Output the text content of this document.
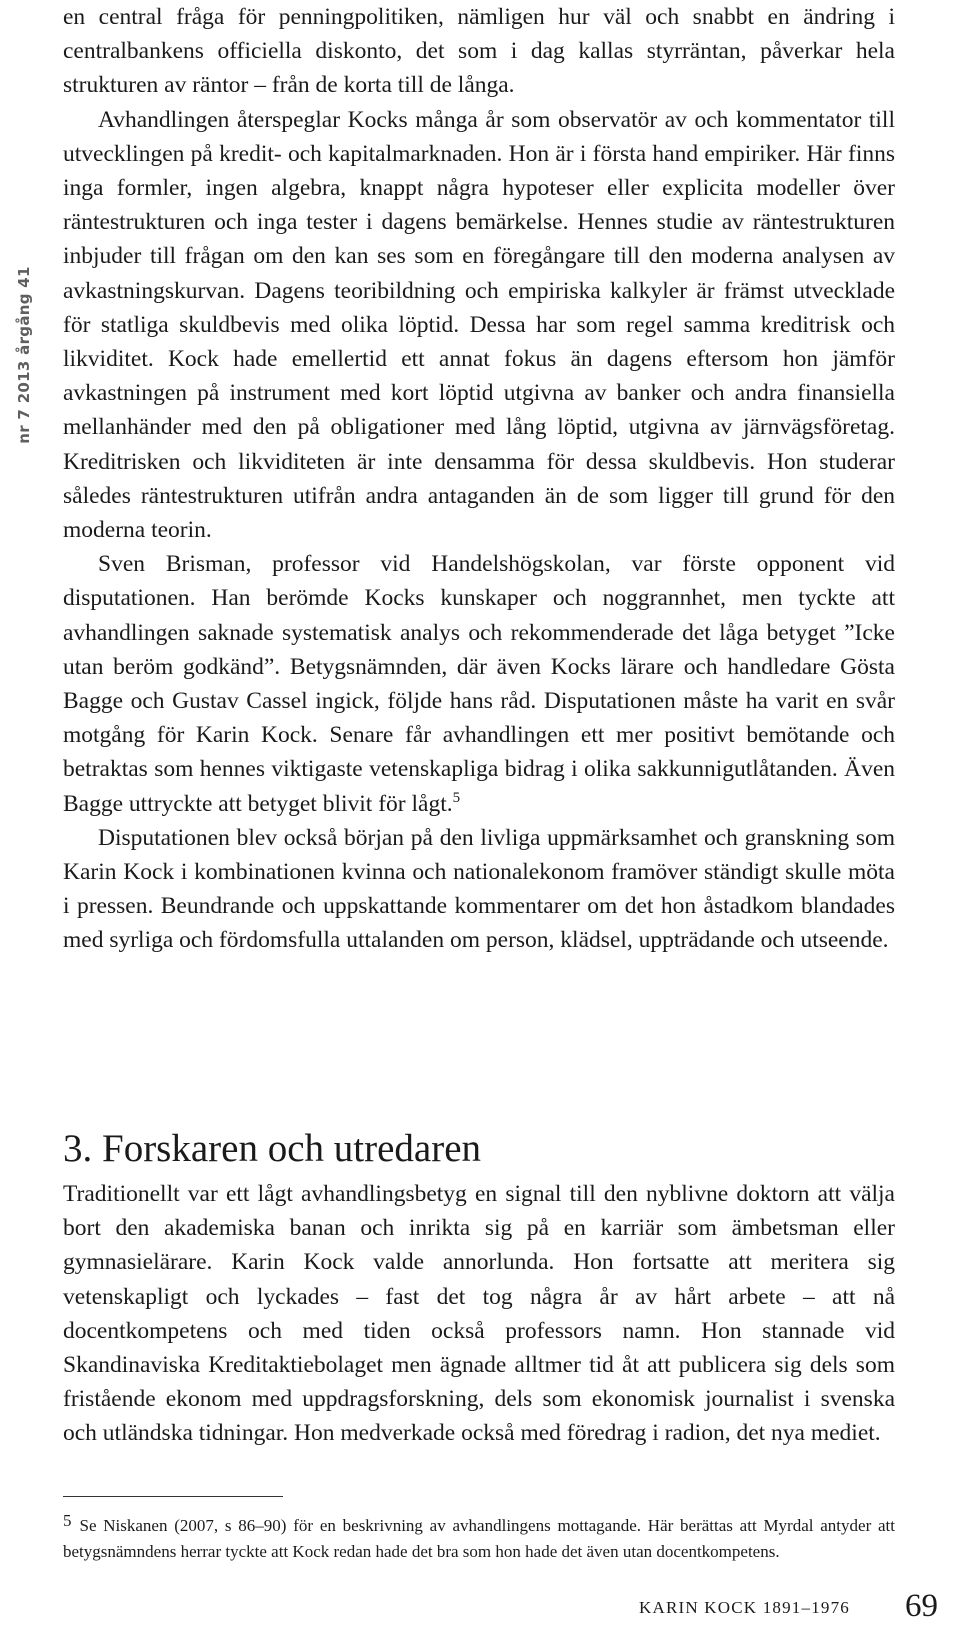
nr 7 2013 årgång 41

en central fråga för penningpolitiken, nämligen hur väl och snabbt en ändring i centralbankens officiella diskonto, det som i dag kallas styrräntan, påverkar hela strukturen av räntor – från de korta till de långa.

Avhandlingen återspeglar Kocks många år som observatör av och kommentator till utvecklingen på kredit- och kapitalmarknaden. Hon är i första hand empiriker. Här finns inga formler, ingen algebra, knappt några hypoteser eller explicita modeller över räntestrukturen och inga tester i dagens bemärkelse. Hennes studie av räntestrukturen inbjuder till frågan om den kan ses som en föregångare till den moderna analysen av avkastningskurvan. Dagens teoribildning och empiriska kalkyler är främst utvecklade för statliga skuldbevis med olika löptid. Dessa har som regel samma kreditrisk och likviditet. Kock hade emellertid ett annat fokus än dagens eftersom hon jämför avkastningen på instrument med kort löptid utgivna av banker och andra finansiella mellanhänder med den på obligationer med lång löptid, utgivna av järnvägsföretag. Kreditrisken och likviditeten är inte densamma för dessa skuldbevis. Hon studerar således räntestrukturen utifrån andra antaganden än de som ligger till grund för den moderna teorin.

Sven Brisman, professor vid Handelshögskolan, var förste opponent vid disputationen. Han berömde Kocks kunskaper och noggrannhet, men tyckte att avhandlingen saknade systematisk analys och rekommenderade det låga betyget ”Icke utan beröm godkänd”. Betygsnämnden, där även Kocks lärare och handledare Gösta Bagge och Gustav Cassel ingick, följde hans råd. Disputationen måste ha varit en svår motgång för Karin Kock. Senare får avhandlingen ett mer positivt bemötande och betraktas som hennes viktigaste vetenskapliga bidrag i olika sakkunnigutlåtanden. Även Bagge uttryckte att betyget blivit för lågt.$^5$

Disputationen blev också början på den livliga uppmärksamhet och granskning som Karin Kock i kombinationen kvinna och nationalekonom framöver ständigt skulle möta i pressen. Beundrande och uppskattande kommentarer om det hon åstadkom blandades med syrliga och fördomsfulla uttalanden om person, klädsel, uppträdande och utseende.

3. Forskaren och utredaren

Traditionellt var ett lågt avhandlingsbetyg en signal till den nyblivne doktorn att välja bort den akademiska banan och inrikta sig på en karriär som ämbetsman eller gymnasielärare. Karin Kock valde annorlunda. Hon fortsatte att meritera sig vetenskapligt och lyckades – fast det tog några år av hårt arbete – att nå docentkompetens och med tiden också professors namn. Hon stannade vid Skandinaviska Kreditaktiebolaget men ägnade alltmer tid åt att publicera sig dels som fristående ekonom med uppdragsforskning, dels som ekonomisk journalist i svenska och utländska tidningar. Hon medverkade också med föredrag i radion, det nya mediet.

5 Se Niskanen (2007, s 86–90) för en beskrivning av avhandlingens mottagande. Här berättas att Myrdal antyder att betygsnämndens herrar tyckte att Kock redan hade det bra som hon hade det även utan docentkompetens.

KARIN KOCK 1891–1976 69
